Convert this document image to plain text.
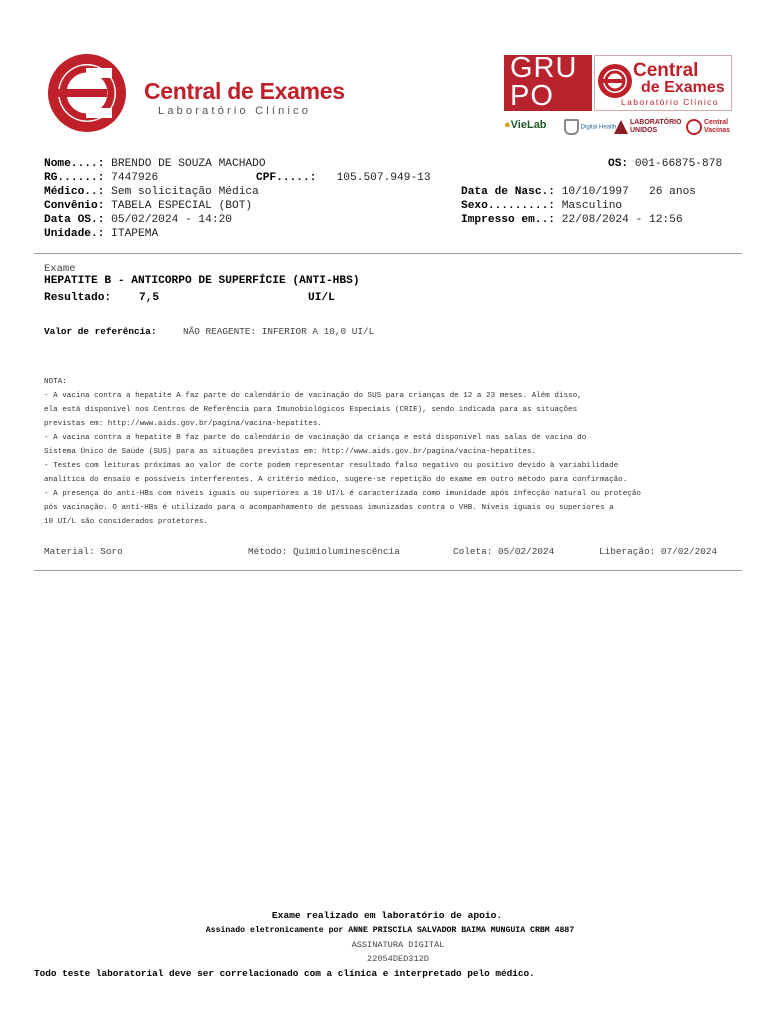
Central de Exames
Laboratório Clínico
GRU
PO
Central
de Exames
Laboratório Clínico
●VieLab	Digital Health
LABORATÓRIO UNIDOS
Central Vacinas
Nome....: BRENDO DE SOUZA MACHADO	OS: 001-66875-878
RG......: 7447926	CPF.....: 105.507.949-13
Médico..: Sem solicitação Médica	Data de Nasc.: 10/10/1997 26 anos
Convênio: TABELA ESPECIAL (BOT)	Sexo.........: Masculino
Data OS.: 05/02/2024 - 14:20	Impresso em..: 22/08/2024 - 12:56
Unidade.: ITAPEMA
Exame
HEPATITE B - ANTICORPO DE SUPERFÍCIE (ANTI-HBS)
Resultado: 7,5	UI/L
Valor de referência:	NÃO REAGENTE: INFERIOR A 10,0 UI/L
NOTA:
- A vacina contra a hepatite A faz parte do calendário de vacinação do SUS para crianças de 12 a 23 meses. Além disso,
ela está disponível nos Centros de Referência para Imunobiológicos Especiais (CRIE), sendo indicada para as situações
previstas em: http://www.aids.gov.br/pagina/vacina-hepatites.
- A vacina contra a hepatite B faz parte do calendário de vacinação da criança e está disponível nas salas de vacina do
Sistema Único de Saúde (SUS) para as situações previstas em: http://www.aids.gov.br/pagina/vacina-hepatites.
- Testes com leituras próximas ao valor de corte podem representar resultado falso negativo ou positivo devido à variabilidade
analítica do ensaio e possíveis interferentes. A critério médico, sugere-se repetição do exame em outro método para confirmação.
- A presença do anti-HBs com níveis iguais ou superiores a 10 UI/L é caracterizada como imunidade após infecção natural ou proteção
pós vacinação. O anti-HBs é utilizado para o acompanhamento de pessoas imunizadas contra o VHB. Níveis iguais ou superiores a
10 UI/L são considerados protetores.
Material: Soro	Método: Quimioluminescência	Coleta: 05/02/2024	Liberação: 07/02/2024
Exame realizado em laboratório de apoio.
Assinado eletronicamente por ANNE PRISCILA SALVADOR BAIMA MUNGUIA CRBM 4887
ASSINATURA DIGITAL
22054DED312D
Todo teste laboratorial deve ser correlacionado com a clínica e interpretado pelo médico.
